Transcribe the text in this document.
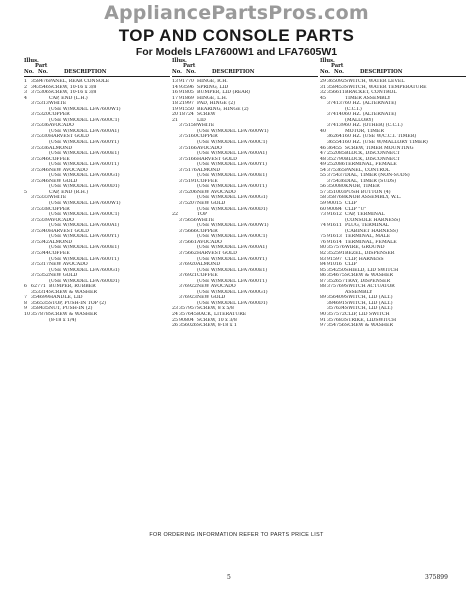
AppliancePartsPros.com
TOP AND CONSOLE PARTS
For Models LFA7600W1 and LFA7605W1
Illus.
Part
No. No.	DESCRIPTION
1 358476 PANEL, REAR CONSOLE
2 343546 SCREW, 10-16 x 3/8
3 375306 SCREW, 10-16 x 3/8
4	CAP, END (L.H.)
375313 WHITE
(USE W/MODEL LFA7600W1)
375320 COPPER
(USE W/MODEL LFA7600C1)
375336 AVOCADO
(USE W/MODEL LFA7600A1)
375330 HARVEST GOLD
(USE W/MODEL LFA7600Y1)
375336 ALMOND
(USE W/MODEL LFA7600E1)
375346 COFFEE
(USE W/MODEL LFA7600T1)
375346 NEW AVOCADO
(USE W/MODEL LFA7600G1)
375346 NEW GOLD
(USE W/MODEL LFA7600D1)
5	CAP, END (R.H.)
375333 WHITE
(USE W/MODEL LFA7600W1)
375338 COPPER
(USE W/MODEL LFA7600C1)
375339 AVOCADO
(USE W/MODEL LFA7600A1)
375340 HARVEST GOLD
(USE W/MODEL LFA7600Y1)
375342 ALMOND
(USE W/MODEL LFA7600E1)
375344 COFFEE
(USE W/MODEL LFA7600T1)
375317 NEW AVOCADO
(USE W/MODEL LFA7600G1)
375352 NEW GOLD
(USE W/MODEL LFA7600D1)
6 62771 BUMPER, RUBBER
353314 SCREW & WASHER
7 354699 HANDLE, LID
8 356535 STOP, PUSH-IN TOP (2)
9 358435 NUT, PUSH-IN (2)
10 357878 SCREW & WASHER
(8-18 x 1/4)
Illus.
Part
No. No.	DESCRIPTION
13 91770 HINGE, R.H.
14 93596 SPRING, LID
16 91805 BUMPER, LID (REAR)
17 91869 HINGE, L.H.
18 21997 PAD, HINGE (2)
19 91550 BEARING, HINGE (2)
20 18724 SCREW
21	LID
375158 WHITE
(USE W/MODEL LFA7600W1)
375160 COPPER
(USE W/MODEL LFA7600C1)
375166 AVOCADO
(USE W/MODEL LFA7600A1)
375166 HARVEST GOLD
(USE W/MODEL LFA7600Y1)
375176 ALMOND
(USE W/MODEL LFA7600E1)
375191 COFFEE
(USE W/MODEL LFA7600T1)
375206 NEW AVOCADO
(USE W/MODEL LFA7600G1)
375207 NEW GOLD
(USE W/MODEL LFA7600D1)
22	TOP
375656 WHITE
(USE W/MODEL LFA7600W1)
375666 COPPER
(USE W/MODEL LFA7600C1)
375661 AVOCADO
(USE W/MODEL LFA7600A1)
375662 HARVEST GOLD
(USE W/MODEL LFA7600Y1)
376920 ALMOND
(USE W/MODEL LFA7600E1)
376921 COFFEE
(USE W/MODEL LFA7600T1)
376922 NEW AVOCADO
(USE W/MODEL LFA7600G1)
376923 NEW GOLD
(USE W/MODEL LFA7600D1)
23 357957 SCREW, 8 x 5/8
24 357645 RACK, LITERATURE
25 90804 SCREW, 10 x 3/8
26 356026 SCREW, 8-18 x 1
Illus.
Part
No. No.	DESCRIPTION
29 365092 SWITCH, WATER LEVEL
31 358453 SWITCH, WATER TEMPERATURE
32 356611 BRACKET, CONTROL
45	TIMER ASSEMBLY
374137 60 HZ. (ALTERNATE)
(C.C.I.)
374140 60 HZ. (ALTERNATE)
(MALLORY)
374139 60 HZ. (OTHER) (C.C.I.)
40	MOTOR, TIMER
362641 60 HZ. (USE W/C.C.I. TIMER)
365541 60 HZ. (USE W/MALLORY TIMER)
46 36455 SCREW, TIMER MOUNTING
47 252085 BLOCK, DISCONNECT
48 352790 BLOCK, DISCONNECT
49 252086 TERMINAL, FEMALE
54 375365 PANEL, CONTROL
55 375437 DIAL, TIMER (NON-SUDS)
375436 DIAL, TIMER (SUDS)
56 350080 KNOB, TIMER
57 351003 PUSH BUTTON (4)
58 358768 KNOB ASSEMBLY, W.L.
59 90015 CLIP
60 90084 CLIP "U"
73 91612 CAP, TERMINAL
(CONSOLE HARNESS)
74 91611 PLUG, TERMINAL
(CABINET HARNESS)
75 91613 TERMINAL, MALE
76 91614 TERMINAL, FEMALE
80 357576 WIRE, GROUND
82 352591 BEZEL, DISPENSER
83 91597 CLIP, HARNESS
84 91016 CLIP
85 354250 SHIELD, LID SWITCH
86 354675 SCREW & WASHER
87 352657 TRAY, DISPENSER
88 375769 SWITCH ACTUATOR
ASSEMBLY
89 356409 SWITCH, LID (ALT.)
384691 SWITCH, LID (ALT.)
357634 SWITCH, LID (ALT.)
90 357572 CLIP, LID SWITCH
91 357683 STRIKE, LIDSWITCH
97 354756 SCREW & WASHER
FOR ORDERING INFORMATION REFER TO PARTS PRICE LIST
5	375899
